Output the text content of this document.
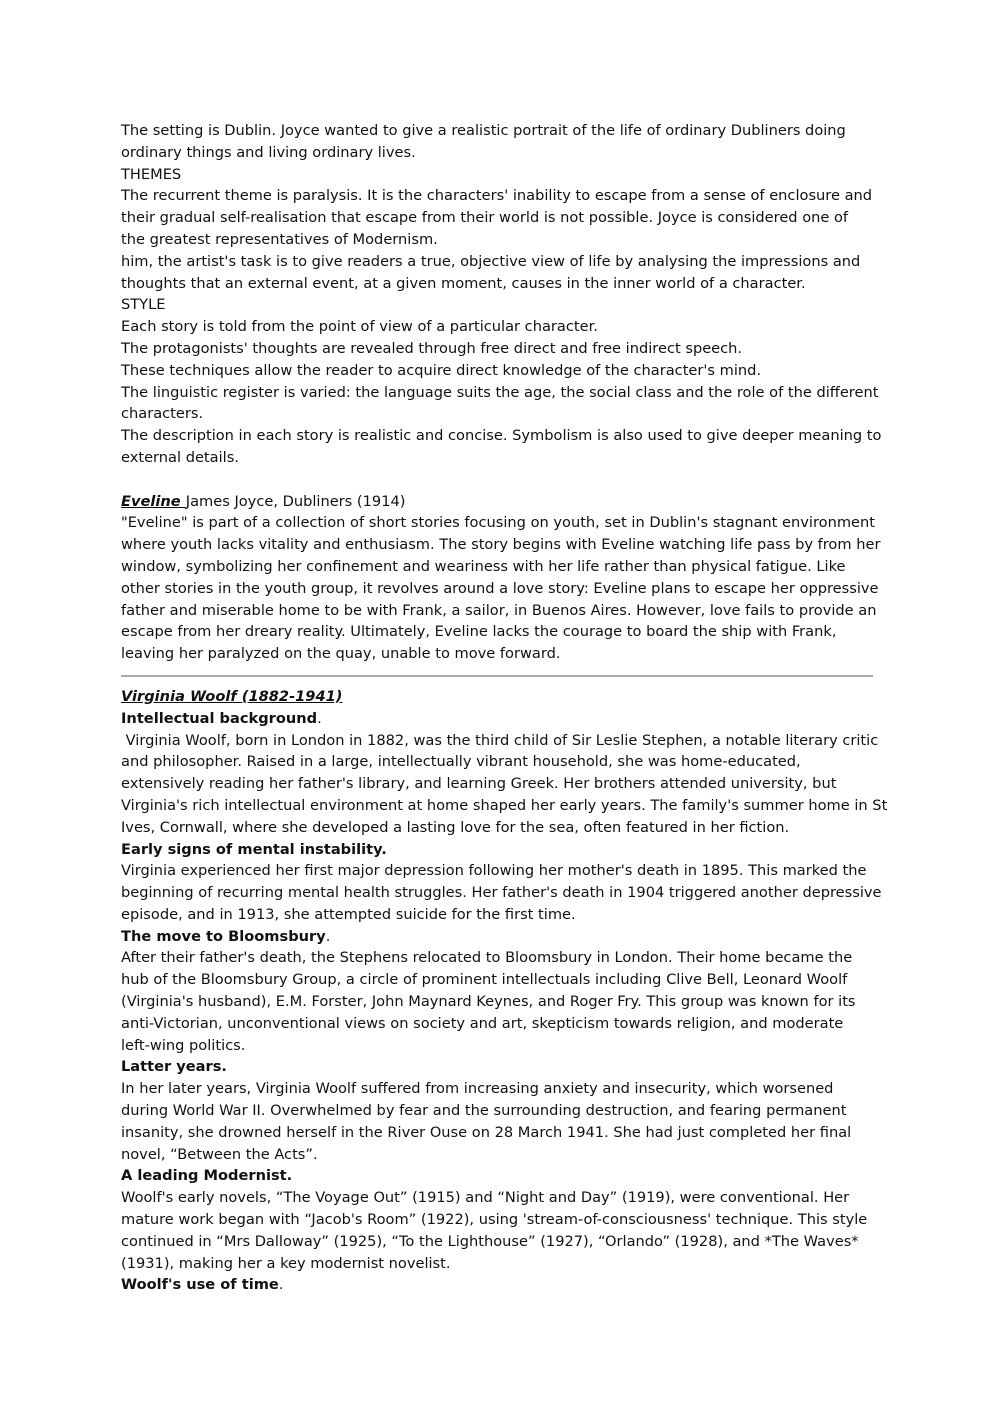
The setting is Dublin. Joyce wanted to give a realistic portrait of the life of ordinary Dubliners doing
ordinary things and living ordinary lives.
THEMES
The recurrent theme is paralysis. It is the characters' inability to escape from a sense of enclosure and
their gradual self-realisation that escape from their world is not possible. Joyce is considered one of
the greatest representatives of Modernism.
him, the artist's task is to give readers a true, objective view of life by analysing the impressions and
thoughts that an external event, at a given moment, causes in the inner world of a character.
STYLE
Each story is told from the point of view of a particular character.
The protagonists' thoughts are revealed through free direct and free indirect speech.
These techniques allow the reader to acquire direct knowledge of the character's mind.
The linguistic register is varied: the language suits the age, the social class and the role of the different
characters.
The description in each story is realistic and concise. Symbolism is also used to give deeper meaning to
external details.
Eveline James Joyce, Dubliners (1914)
"Eveline" is part of a collection of short stories focusing on youth, set in Dublin's stagnant environment
where youth lacks vitality and enthusiasm. The story begins with Eveline watching life pass by from her
window, symbolizing her confinement and weariness with her life rather than physical fatigue. Like
other stories in the youth group, it revolves around a love story: Eveline plans to escape her oppressive
father and miserable home to be with Frank, a sailor, in Buenos Aires. However, love fails to provide an
escape from her dreary reality. Ultimately, Eveline lacks the courage to board the ship with Frank,
leaving her paralyzed on the quay, unable to move forward.
Virginia Woolf (1882-1941)
Intellectual background.
Virginia Woolf, born in London in 1882, was the third child of Sir Leslie Stephen, a notable literary critic
and philosopher. Raised in a large, intellectually vibrant household, she was home-educated,
extensively reading her father's library, and learning Greek. Her brothers attended university, but
Virginia's rich intellectual environment at home shaped her early years. The family's summer home in St
Ives, Cornwall, where she developed a lasting love for the sea, often featured in her fiction.
Early signs of mental instability.
Virginia experienced her first major depression following her mother's death in 1895. This marked the
beginning of recurring mental health struggles. Her father's death in 1904 triggered another depressive
episode, and in 1913, she attempted suicide for the first time.
The move to Bloomsbury.
After their father's death, the Stephens relocated to Bloomsbury in London. Their home became the
hub of the Bloomsbury Group, a circle of prominent intellectuals including Clive Bell, Leonard Woolf
(Virginia's husband), E.M. Forster, John Maynard Keynes, and Roger Fry. This group was known for its
anti-Victorian, unconventional views on society and art, skepticism towards religion, and moderate
left-wing politics.
Latter years.
In her later years, Virginia Woolf suffered from increasing anxiety and insecurity, which worsened
during World War II. Overwhelmed by fear and the surrounding destruction, and fearing permanent
insanity, she drowned herself in the River Ouse on 28 March 1941. She had just completed her final
novel, “Between the Acts”.
A leading Modernist.
Woolf's early novels, “The Voyage Out” (1915) and “Night and Day” (1919), were conventional. Her
mature work began with “Jacob's Room” (1922), using 'stream-of-consciousness' technique. This style
continued in “Mrs Dalloway” (1925), “To the Lighthouse” (1927), “Orlando” (1928), and *The Waves*
(1931), making her a key modernist novelist.
Woolf's use of time.
